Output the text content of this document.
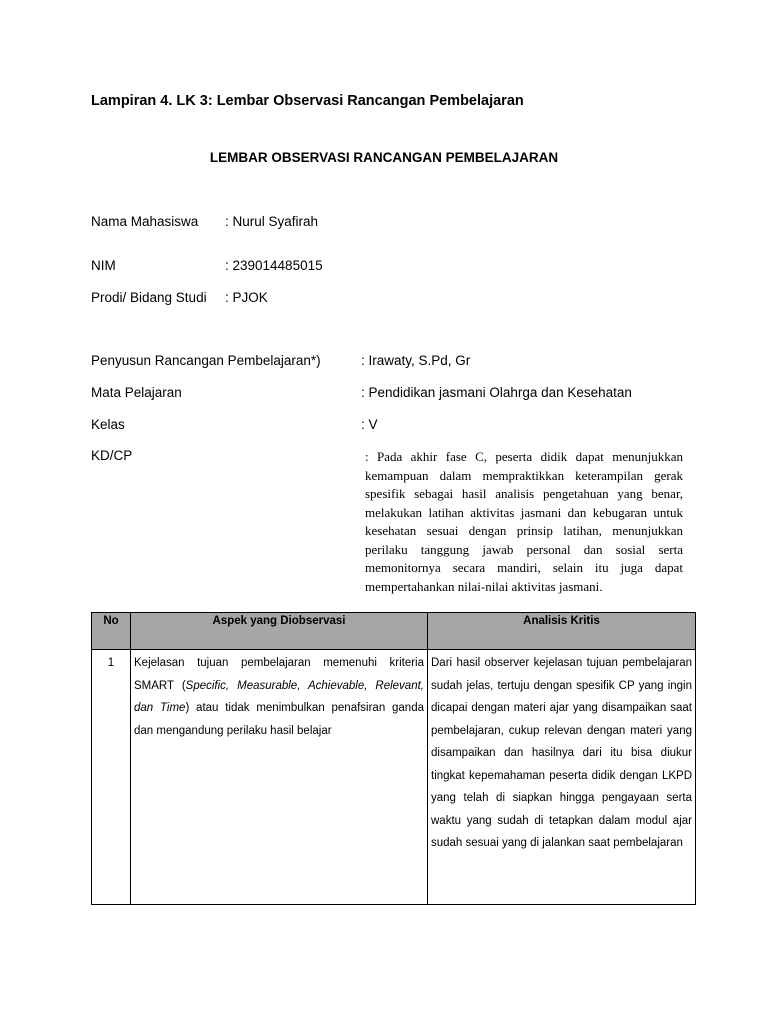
Lampiran 4. LK 3: Lembar Observasi Rancangan Pembelajaran
LEMBAR OBSERVASI RANCANGAN PEMBELAJARAN
Nama Mahasiswa : Nurul Syafirah
NIM	: 239014485015
Prodi/ Bidang Studi : PJOK
Penyusun Rancangan Pembelajaran*)	: Irawaty, S.Pd, Gr
Mata Pelajaran	: Pendidikan jasmani Olahrga dan Kesehatan
Kelas	: V
KD/CP	: Pada akhir fase C, peserta didik dapat menunjukkan kemampuan dalam mempraktikkan keterampilan gerak spesifik sebagai hasil analisis pengetahuan yang benar, melakukan latihan aktivitas jasmani dan kebugaran untuk kesehatan sesuai dengan prinsip latihan, menunjukkan perilaku tanggung jawab personal dan sosial serta memonitornya secara mandiri, selain itu juga dapat mempertahankan nilai-nilai aktivitas jasmani.
No	Aspek yang Diobservasi	Analisis Kritis
1	Kejelasan tujuan pembelajaran memenuhi kriteria SMART (Specific, Measurable, Achievable, Relevant, dan Time) atau tidak menimbulkan penafsiran ganda dan mengandung perilaku hasil belajar	Dari hasil observer kejelasan tujuan pembelajaran sudah jelas, tertuju dengan spesifik CP yang ingin dicapai dengan materi ajar yang disampaikan saat pembelajaran, cukup relevan dengan materi yang disampaikan dan hasilnya dari itu bisa diukur tingkat kepemahaman peserta didik dengan LKPD yang telah di siapkan hingga pengayaan serta waktu yang sudah di tetapkan dalam modul ajar sudah sesuai yang di jalankan saat pembelajaran
